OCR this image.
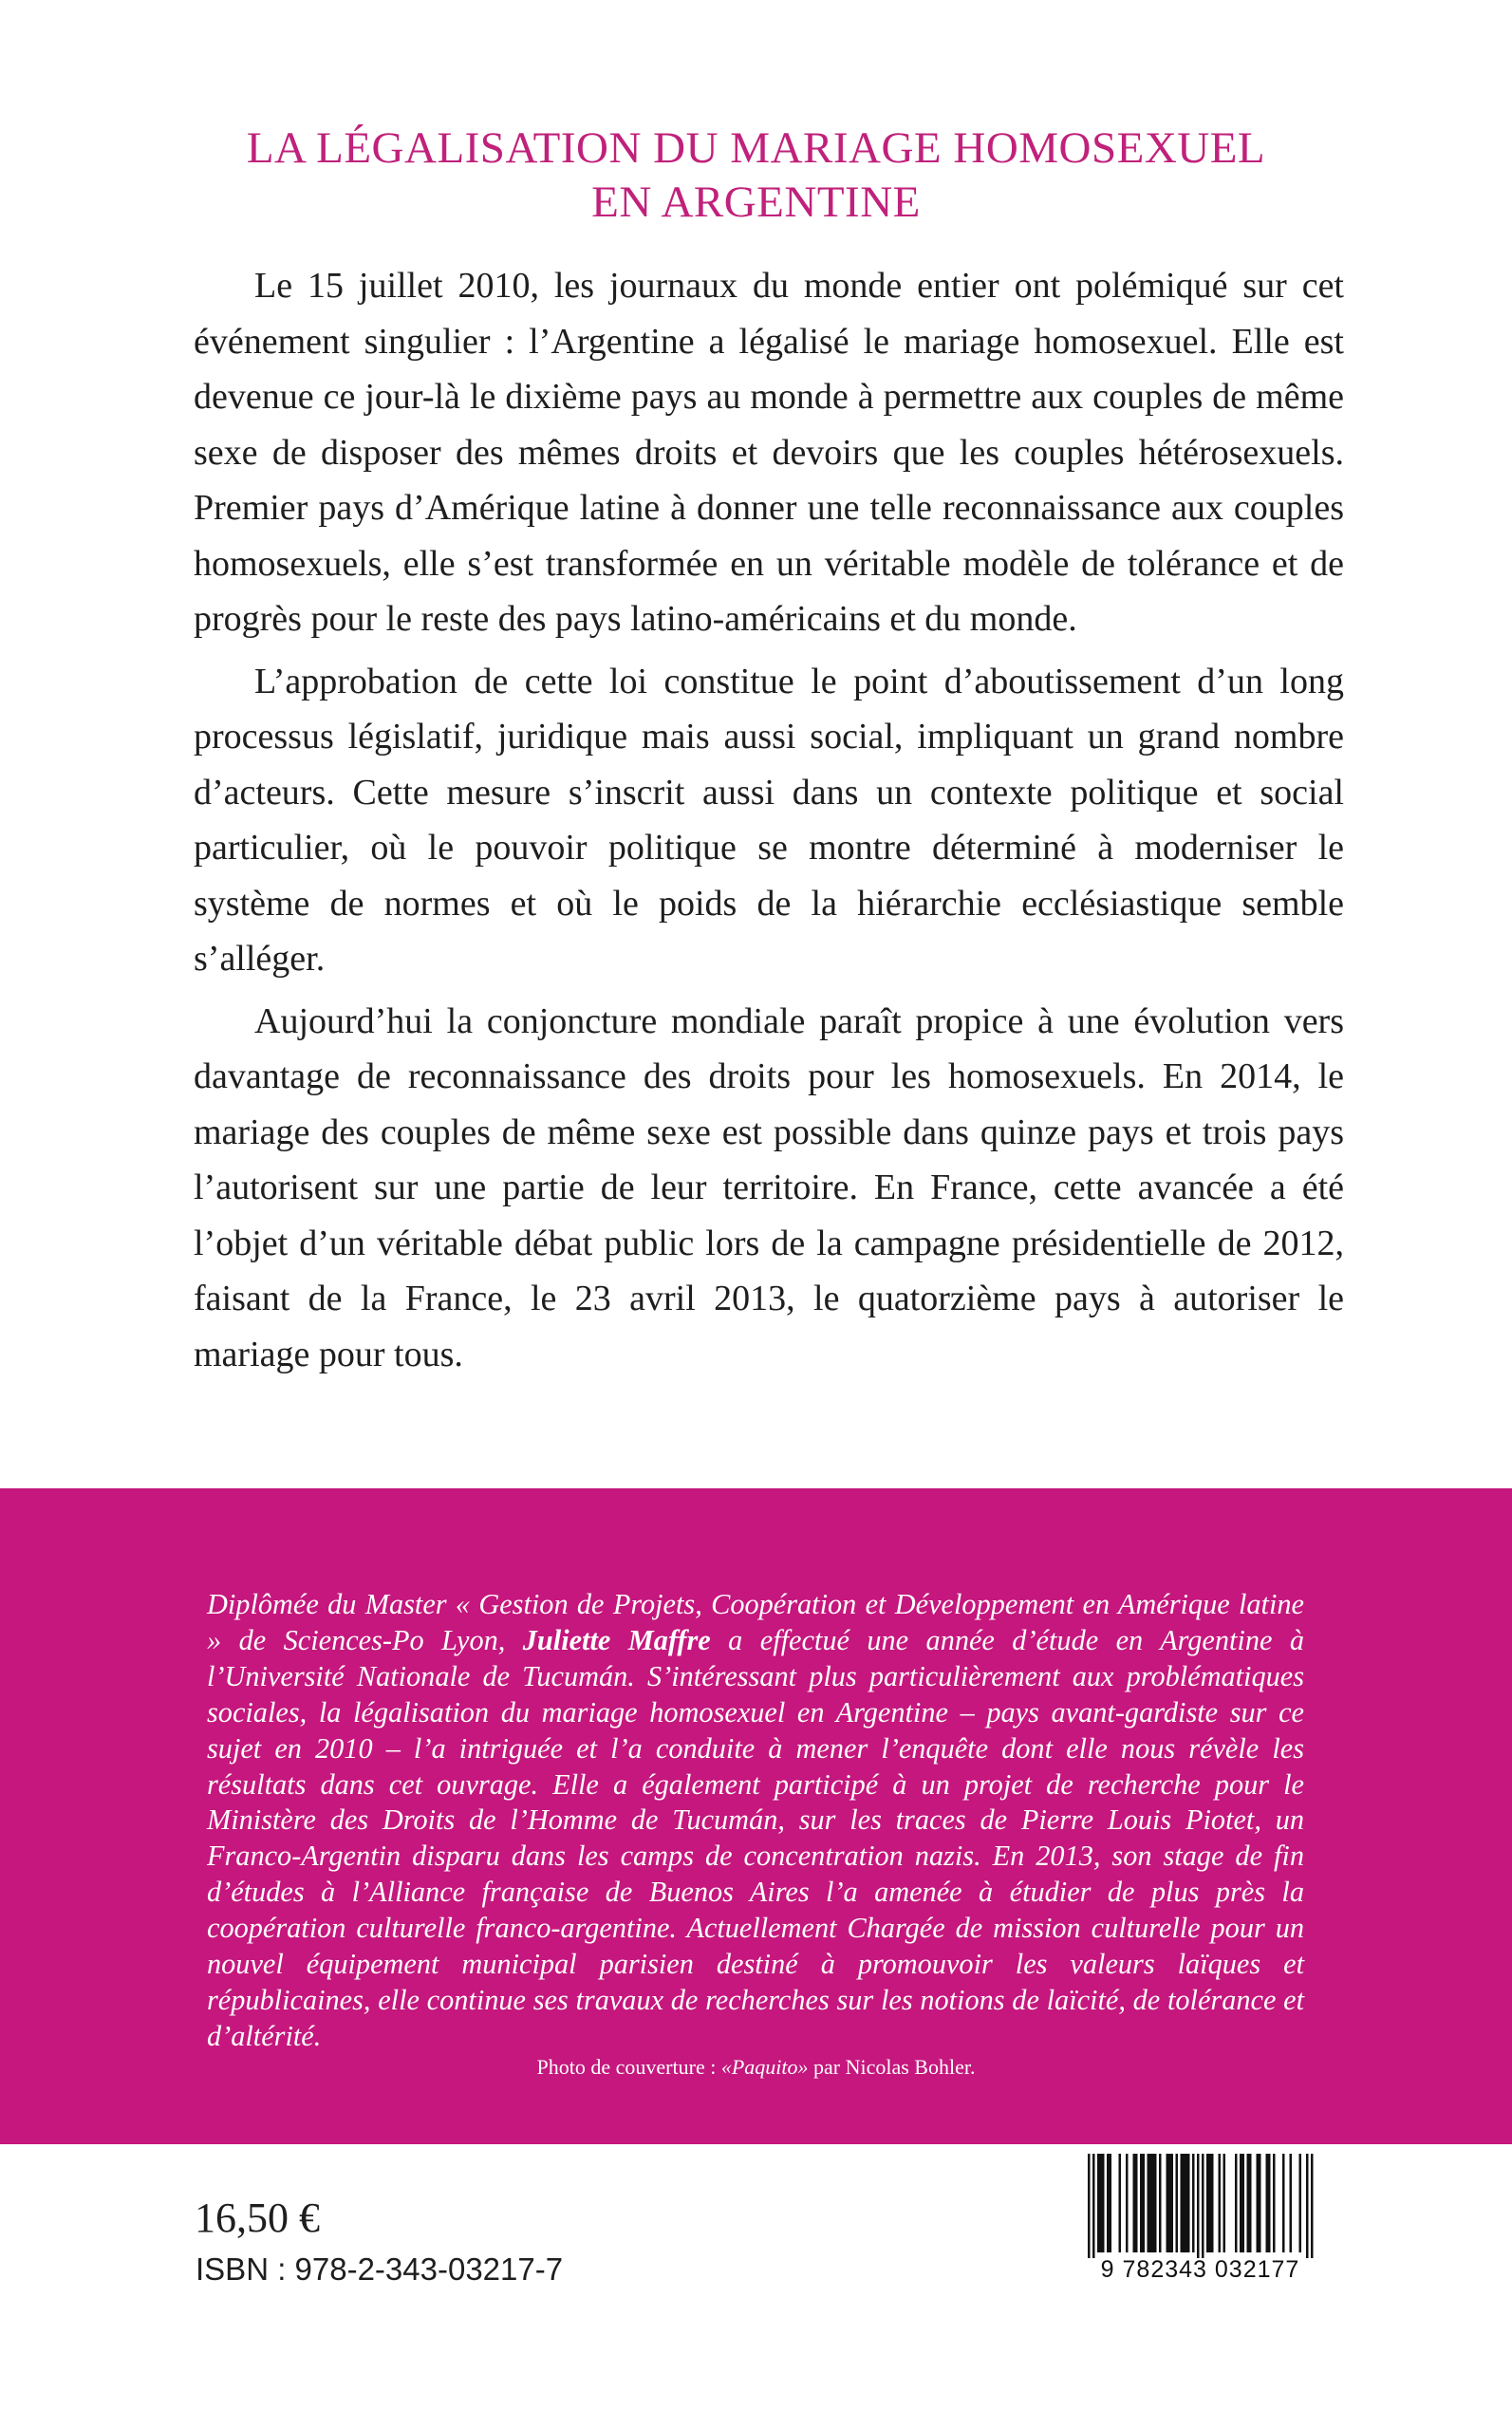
LA LÉGALISATION DU MARIAGE HOMOSEXUEL
EN ARGENTINE

Le 15 juillet 2010, les journaux du monde entier ont polémiqué sur cet événement singulier : l’Argentine a légalisé le mariage homosexuel. Elle est devenue ce jour-là le dixième pays au monde à permettre aux couples de même sexe de disposer des mêmes droits et devoirs que les couples hétérosexuels. Premier pays d’Amérique latine à donner une telle reconnaissance aux couples homosexuels, elle s’est transformée en un véritable modèle de tolérance et de progrès pour le reste des pays latino-américains et du monde.

L’approbation de cette loi constitue le point d’aboutissement d’un long processus législatif, juridique mais aussi social, impliquant un grand nombre d’acteurs. Cette mesure s’inscrit aussi dans un contexte politique et social particulier, où le pouvoir politique se montre déterminé à moderniser le système de normes et où le poids de la hiérarchie ecclésiastique semble s’alléger.

Aujourd’hui la conjoncture mondiale paraît propice à une évolution vers davantage de reconnaissance des droits pour les homosexuels. En 2014, le mariage des couples de même sexe est possible dans quinze pays et trois pays l’autorisent sur une partie de leur territoire. En France, cette avancée a été l’objet d’un véritable débat public lors de la campagne présidentielle de 2012, faisant de la France, le 23 avril 2013, le quatorzième pays à autoriser le mariage pour tous.

Diplômée du Master « Gestion de Projets, Coopération et Développement en Amérique latine » de Sciences-Po Lyon, Juliette Maffre a effectué une année d’étude en Argentine à l’Université Nationale de Tucumán. S’intéressant plus particulièrement aux problématiques sociales, la légalisation du mariage homosexuel en Argentine – pays avant-gardiste sur ce sujet en 2010 – l’a intriguée et l’a conduite à mener l’enquête dont elle nous révèle les résultats dans cet ouvrage. Elle a également participé à un projet de recherche pour le Ministère des Droits de l’Homme de Tucumán, sur les traces de Pierre Louis Piotet, un Franco-Argentin disparu dans les camps de concentration nazis. En 2013, son stage de fin d’études à l’Alliance française de Buenos Aires l’a amenée à étudier de plus près la coopération culturelle franco-argentine. Actuellement Chargée de mission culturelle pour un nouvel équipement municipal parisien destiné à promouvoir les valeurs laïques et républicaines, elle continue ses travaux de recherches sur les notions de laïcité, de tolérance et d’altérité.

Photo de couverture : «Paquito» par Nicolas Bohler.

16,50 €
ISBN : 978-2-343-03217-7	9 782343 032177
